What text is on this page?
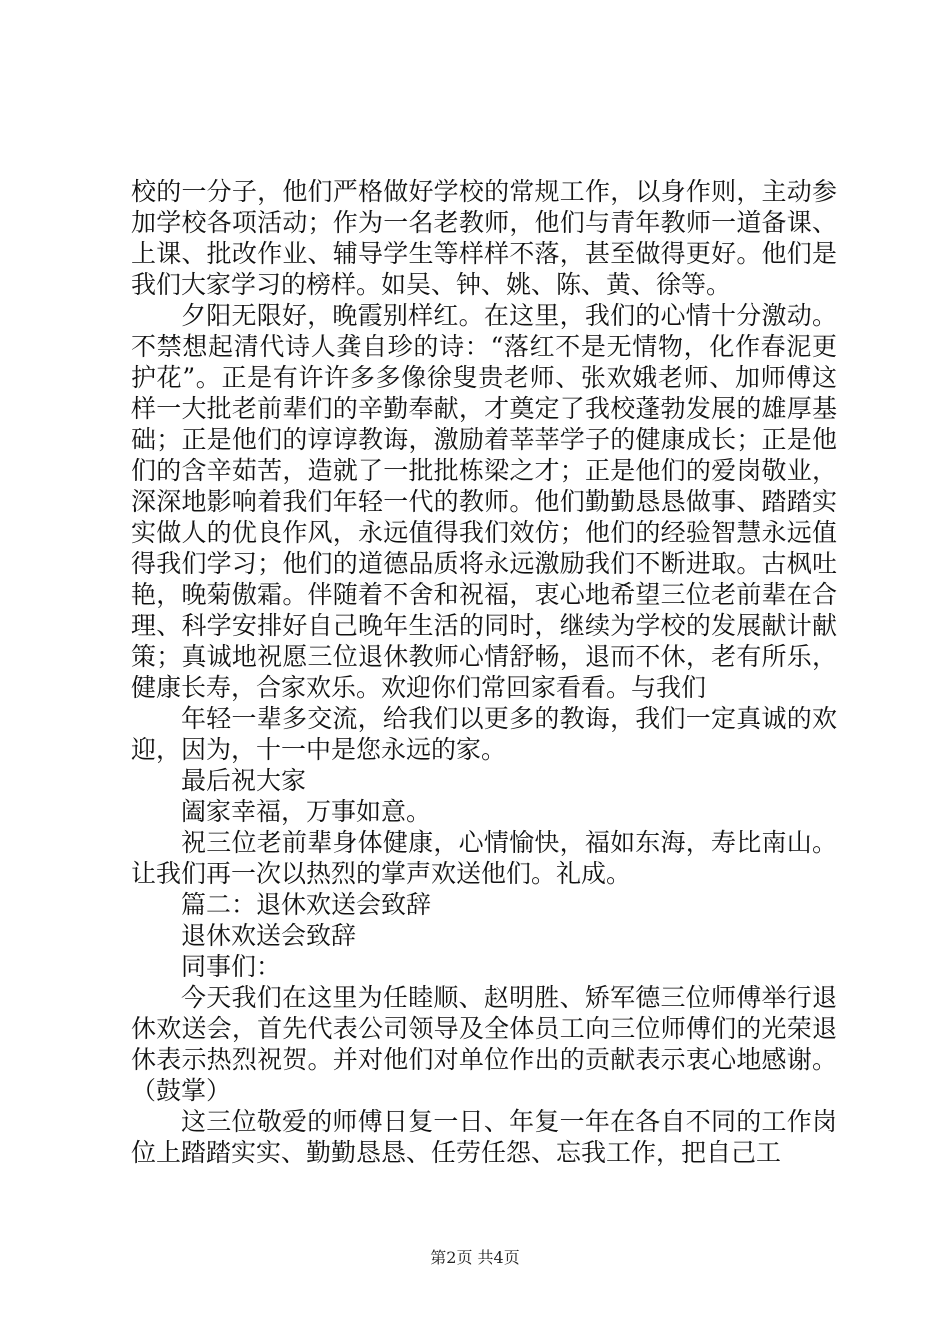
校的一分子，他们严格做好学校的常规工作，以身作则，主动参加学校各项活动；作为一名老教师，他们与青年教师一道备课、上课、批改作业、辅导学生等样样不落，甚至做得更好。他们是我们大家学习的榜样。如吴、钟、姚、陈、黄、徐等。

夕阳无限好，晚霞别样红。在这里，我们的心情十分激动。不禁想起清代诗人龚自珍的诗：“落红不是无情物，化作春泥更护花”。正是有许许多多像徐叟贵老师、张欢娥老师、加师傅这样一大批老前辈们的辛勤奉献，才奠定了我校蓬勃发展的雄厚基础；正是他们的谆谆教诲，激励着莘莘学子的健康成长；正是他们的含辛茹苦，造就了一批批栋梁之才；正是他们的爱岗敬业，深深地影响着我们年轻一代的教师。他们勤勤恳恳做事、踏踏实实做人的优良作风，永远值得我们效仿；他们的经验智慧永远值得我们学习；他们的道德品质将永远激励我们不断进取。古枫吐艳，晚菊傲霜。伴随着不舍和祝福，衷心地希望三位老前辈在合理、科学安排好自己晚年生活的同时，继续为学校的发展献计献策；真诚地祝愿三位退休教师心情舒畅，退而不休，老有所乐，健康长寿，合家欢乐。欢迎你们常回家看看。与我们

年轻一辈多交流，给我们以更多的教诲，我们一定真诚的欢迎，因为，十一中是您永远的家。

最后祝大家

阖家幸福，万事如意。

祝三位老前辈身体健康，心情愉快，福如东海，寿比南山。让我们再一次以热烈的掌声欢送他们。礼成。

篇二：退休欢送会致辞

退休欢送会致辞

同事们：

今天我们在这里为任睦顺、赵明胜、矫军德三位师傅举行退休欢送会，首先代表公司领导及全体员工向三位师傅们的光荣退休表示热烈祝贺。并对他们对单位作出的贡献表示衷心地感谢。（鼓掌）

这三位敬爱的师傅日复一日、年复一年在各自不同的工作岗位上踏踏实实、勤勤恳恳、任劳任怨、忘我工作，把自己工

第2页 共4页
